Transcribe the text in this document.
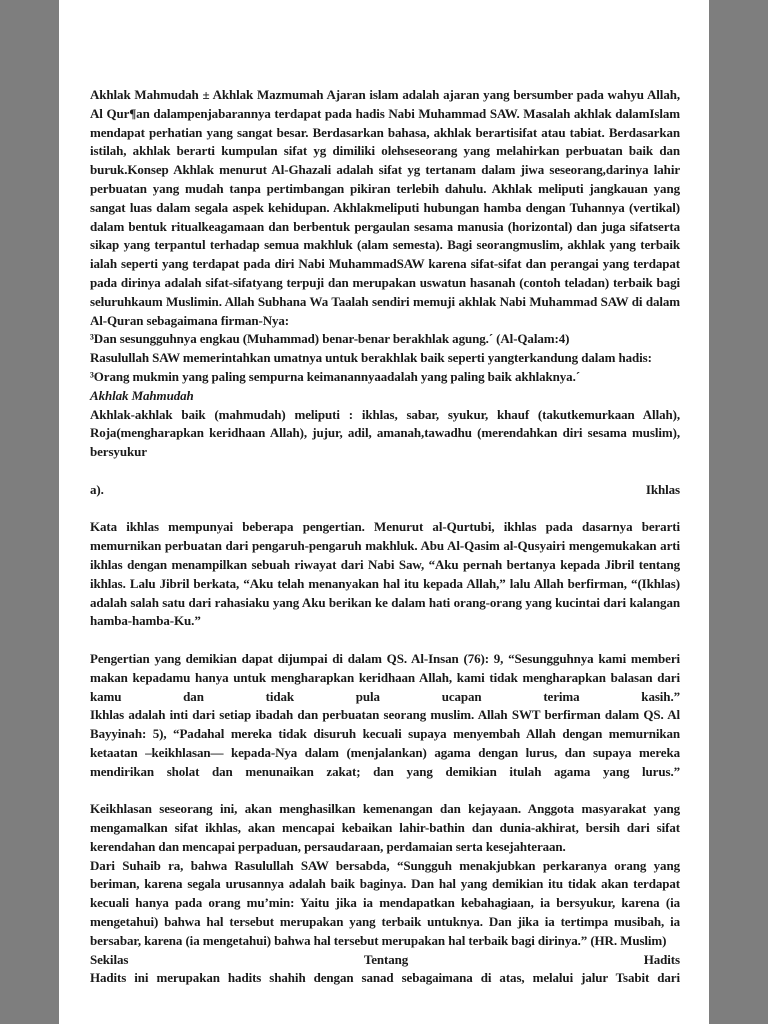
Akhlak Mahmudah ± Akhlak Mazmumah Ajaran islam adalah ajaran yang bersumber pada wahyu Allah, Al Qur¶an dalampenjabarannya terdapat pada hadis Nabi Muhammad SAW. Masalah akhlak dalamIslam mendapat perhatian yang sangat besar. Berdasarkan bahasa, akhlak berartisifat atau tabiat. Berdasarkan istilah, akhlak berarti kumpulan sifat yg dimiliki olehseseorang yang melahirkan perbuatan baik dan buruk.Konsep Akhlak menurut Al-Ghazali adalah sifat yg tertanam dalam jiwa seseorang,darinya lahir perbuatan yang mudah tanpa pertimbangan pikiran terlebih dahulu. Akhlak meliputi jangkauan yang sangat luas dalam segala aspek kehidupan. Akhlakmeliputi hubungan hamba dengan Tuhannya (vertikal) dalam bentuk ritualkeagamaan dan berbentuk pergaulan sesama manusia (horizontal) dan juga sifatserta sikap yang terpantul terhadap semua makhluk (alam semesta). Bagi seorangmuslim, akhlak yang terbaik ialah seperti yang terdapat pada diri Nabi MuhammadSAW karena sifat-sifat dan perangai yang terdapat pada dirinya adalah sifat-sifatyang terpuji dan merupakan uswatun hasanah (contoh teladan) terbaik bagi seluruhkaum Muslimin. Allah Subhana Wa Taalah sendiri memuji akhlak Nabi Muhammad SAW di dalam Al-Quran sebagaimana firman-Nya:

³Dan sesungguhnya engkau (Muhammad) benar-benar berakhlak agung.´ (Al-Qalam:4)

Rasulullah SAW memerintahkan umatnya untuk berakhlak baik seperti yangterkandung dalam hadis:

³Orang mukmin yang paling sempurna keimanannyaadalah yang paling baik akhlaknya.´

Akhlak Mahmudah

Akhlak-akhlak baik (mahmudah) meliputi : ikhlas, sabar, syukur, khauf (takutkemurkaan Allah), Roja(mengharapkan keridhaan Allah), jujur, adil, amanah,tawadhu (merendahkan diri sesama muslim), bersyukur

a).	Ikhlas

Kata ikhlas mempunyai beberapa pengertian. Menurut al-Qurtubi, ikhlas pada dasarnya berarti memurnikan perbuatan dari pengaruh-pengaruh makhluk. Abu Al-Qasim al-Qusyairi mengemukakan arti ikhlas dengan menampilkan sebuah riwayat dari Nabi Saw, “Aku pernah bertanya kepada Jibril tentang ikhlas. Lalu Jibril berkata, “Aku telah menanyakan hal itu kepada Allah,” lalu Allah berfirman, “(Ikhlas) adalah salah satu dari rahasiaku yang Aku berikan ke dalam hati orang-orang yang kucintai dari kalangan hamba-hamba-Ku.”

Pengertian yang demikian dapat dijumpai di dalam QS. Al-Insan (76): 9, “Sesungguhnya kami memberi makan kepadamu hanya untuk mengharapkan keridhaan Allah, kami tidak mengharapkan balasan dari kamu dan tidak pula ucapan terima kasih.”

Ikhlas adalah inti dari setiap ibadah dan perbuatan seorang muslim. Allah SWT berfirman dalam QS. Al Bayyinah: 5), “Padahal mereka tidak disuruh kecuali supaya menyembah Allah dengan memurnikan ketaatan –keikhlasan— kepada-Nya dalam (menjalankan) agama dengan lurus, dan supaya mereka mendirikan sholat dan menunaikan zakat; dan yang demikian itulah agama yang lurus.”

Keikhlasan seseorang ini, akan menghasilkan kemenangan dan kejayaan. Anggota masyarakat yang mengamalkan sifat ikhlas, akan mencapai kebaikan lahir-bathin dan dunia-akhirat, bersih dari sifat kerendahan dan mencapai perpaduan, persaudaraan, perdamaian serta kesejahteraan.

Dari Suhaib ra, bahwa Rasulullah SAW bersabda, “Sungguh menakjubkan perkaranya orang yang beriman, karena segala urusannya adalah baik baginya. Dan hal yang demikian itu tidak akan terdapat kecuali hanya pada orang mu’min: Yaitu jika ia mendapatkan kebahagiaan, ia bersyukur, karena (ia mengetahui) bahwa hal tersebut merupakan yang terbaik untuknya. Dan jika ia tertimpa musibah, ia bersabar, karena (ia mengetahui) bahwa hal tersebut merupakan hal terbaik bagi dirinya.” (HR. Muslim)

Sekilas	Tentang	Hadits

Hadits ini merupakan hadits shahih dengan sanad sebagaimana di atas, melalui jalur Tsabit dari
